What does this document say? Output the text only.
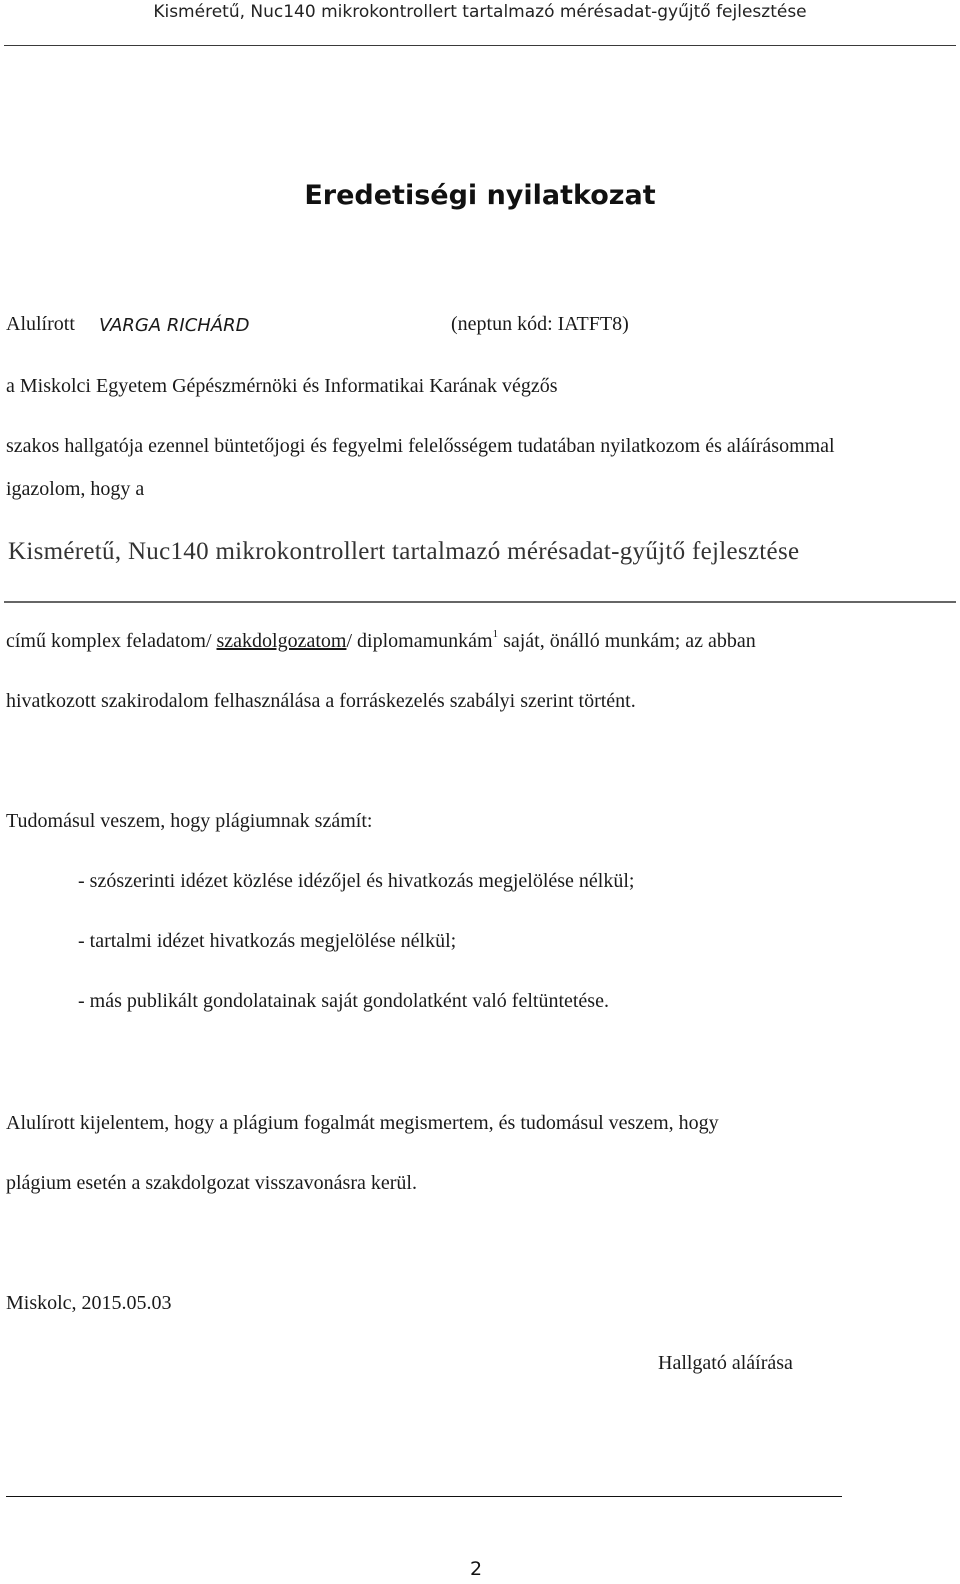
Kisméretű, Nuc140 mikrokontrollert tartalmazó mérésadat-gyűjtő fejlesztése
Eredetiségi nyilatkozat
Alulírott VARGA RICHÁRD	(neptun kód: IATFT8)
a Miskolci Egyetem Gépészmérnöki és Informatikai Karának végzős
szakos hallgatója ezennel büntetőjogi és fegyelmi felelősségem tudatában nyilatkozom és aláírásommal
igazolom, hogy a
Kisméretű, Nuc140 mikrokontrollert tartalmazó mérésadat-gyűjtő fejlesztése
című komplex feladatom/ szakdolgozatom/ diplomamunkám$^1$ saját, önálló munkám; az abban
hivatkozott szakirodalom felhasználása a forráskezelés szabályi szerint történt.
Tudomásul veszem, hogy plágiumnak számít:
- szószerinti idézet közlése idézőjel és hivatkozás megjelölése nélkül;
- tartalmi idézet hivatkozás megjelölése nélkül;
- más publikált gondolatainak saját gondolatként való feltüntetése.
Alulírott kijelentem, hogy a plágium fogalmát megismertem, és tudomásul veszem, hogy
plágium esetén a szakdolgozat visszavonásra kerül.
Miskolc, 2015.05.03
Hallgató aláírása
2
